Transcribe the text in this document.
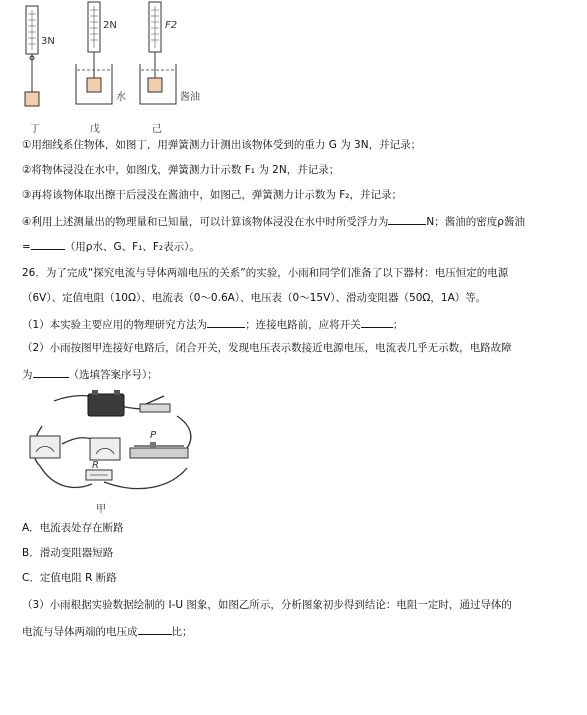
3N
2N	F2
水	酱油
丁	戊	己
①用细线系住物体，如图丁，用弹簧测力计测出该物体受到的重力 G 为 3N，并记录；
②将物体浸没在水中，如图戊，弹簧测力计示数 F₁ 为 2N，并记录；
③再将该物体取出擦干后浸没在酱油中，如图己，弹簧测力计示数为 F₂，并记录；
④利用上述测量出的物理量和已知量，可以计算该物体浸没在水中时所受浮力为	N；酱油的密度ρ酱油
=	（用ρ水、G、F₁、F₂表示）。
26．为了完成“探究电流与导体两端电压的关系”的实验，小雨和同学们准备了以下器材：电压恒定的电源
（6V）、定值电阻（10Ω）、电流表（0～0.6A）、电压表（0～15V）、滑动变阻器（50Ω，1A）等。
（1）本实验主要应用的物理研究方法为	；连接电路前，应将开关	；
（2）小雨按图甲连接好电路后，闭合开关，发现电压表示数接近电源电压，电流表几乎无示数，电路故障
为	（选填答案序号）；
P
R
甲
A．电流表处存在断路
B．滑动变阻器短路
C．定值电阻 R 断路
（3）小雨根据实验数据绘制的 I-U 图象，如图乙所示，分析图象初步得到结论：电阻一定时，通过导体的
电流与导体两端的电压成	比；
